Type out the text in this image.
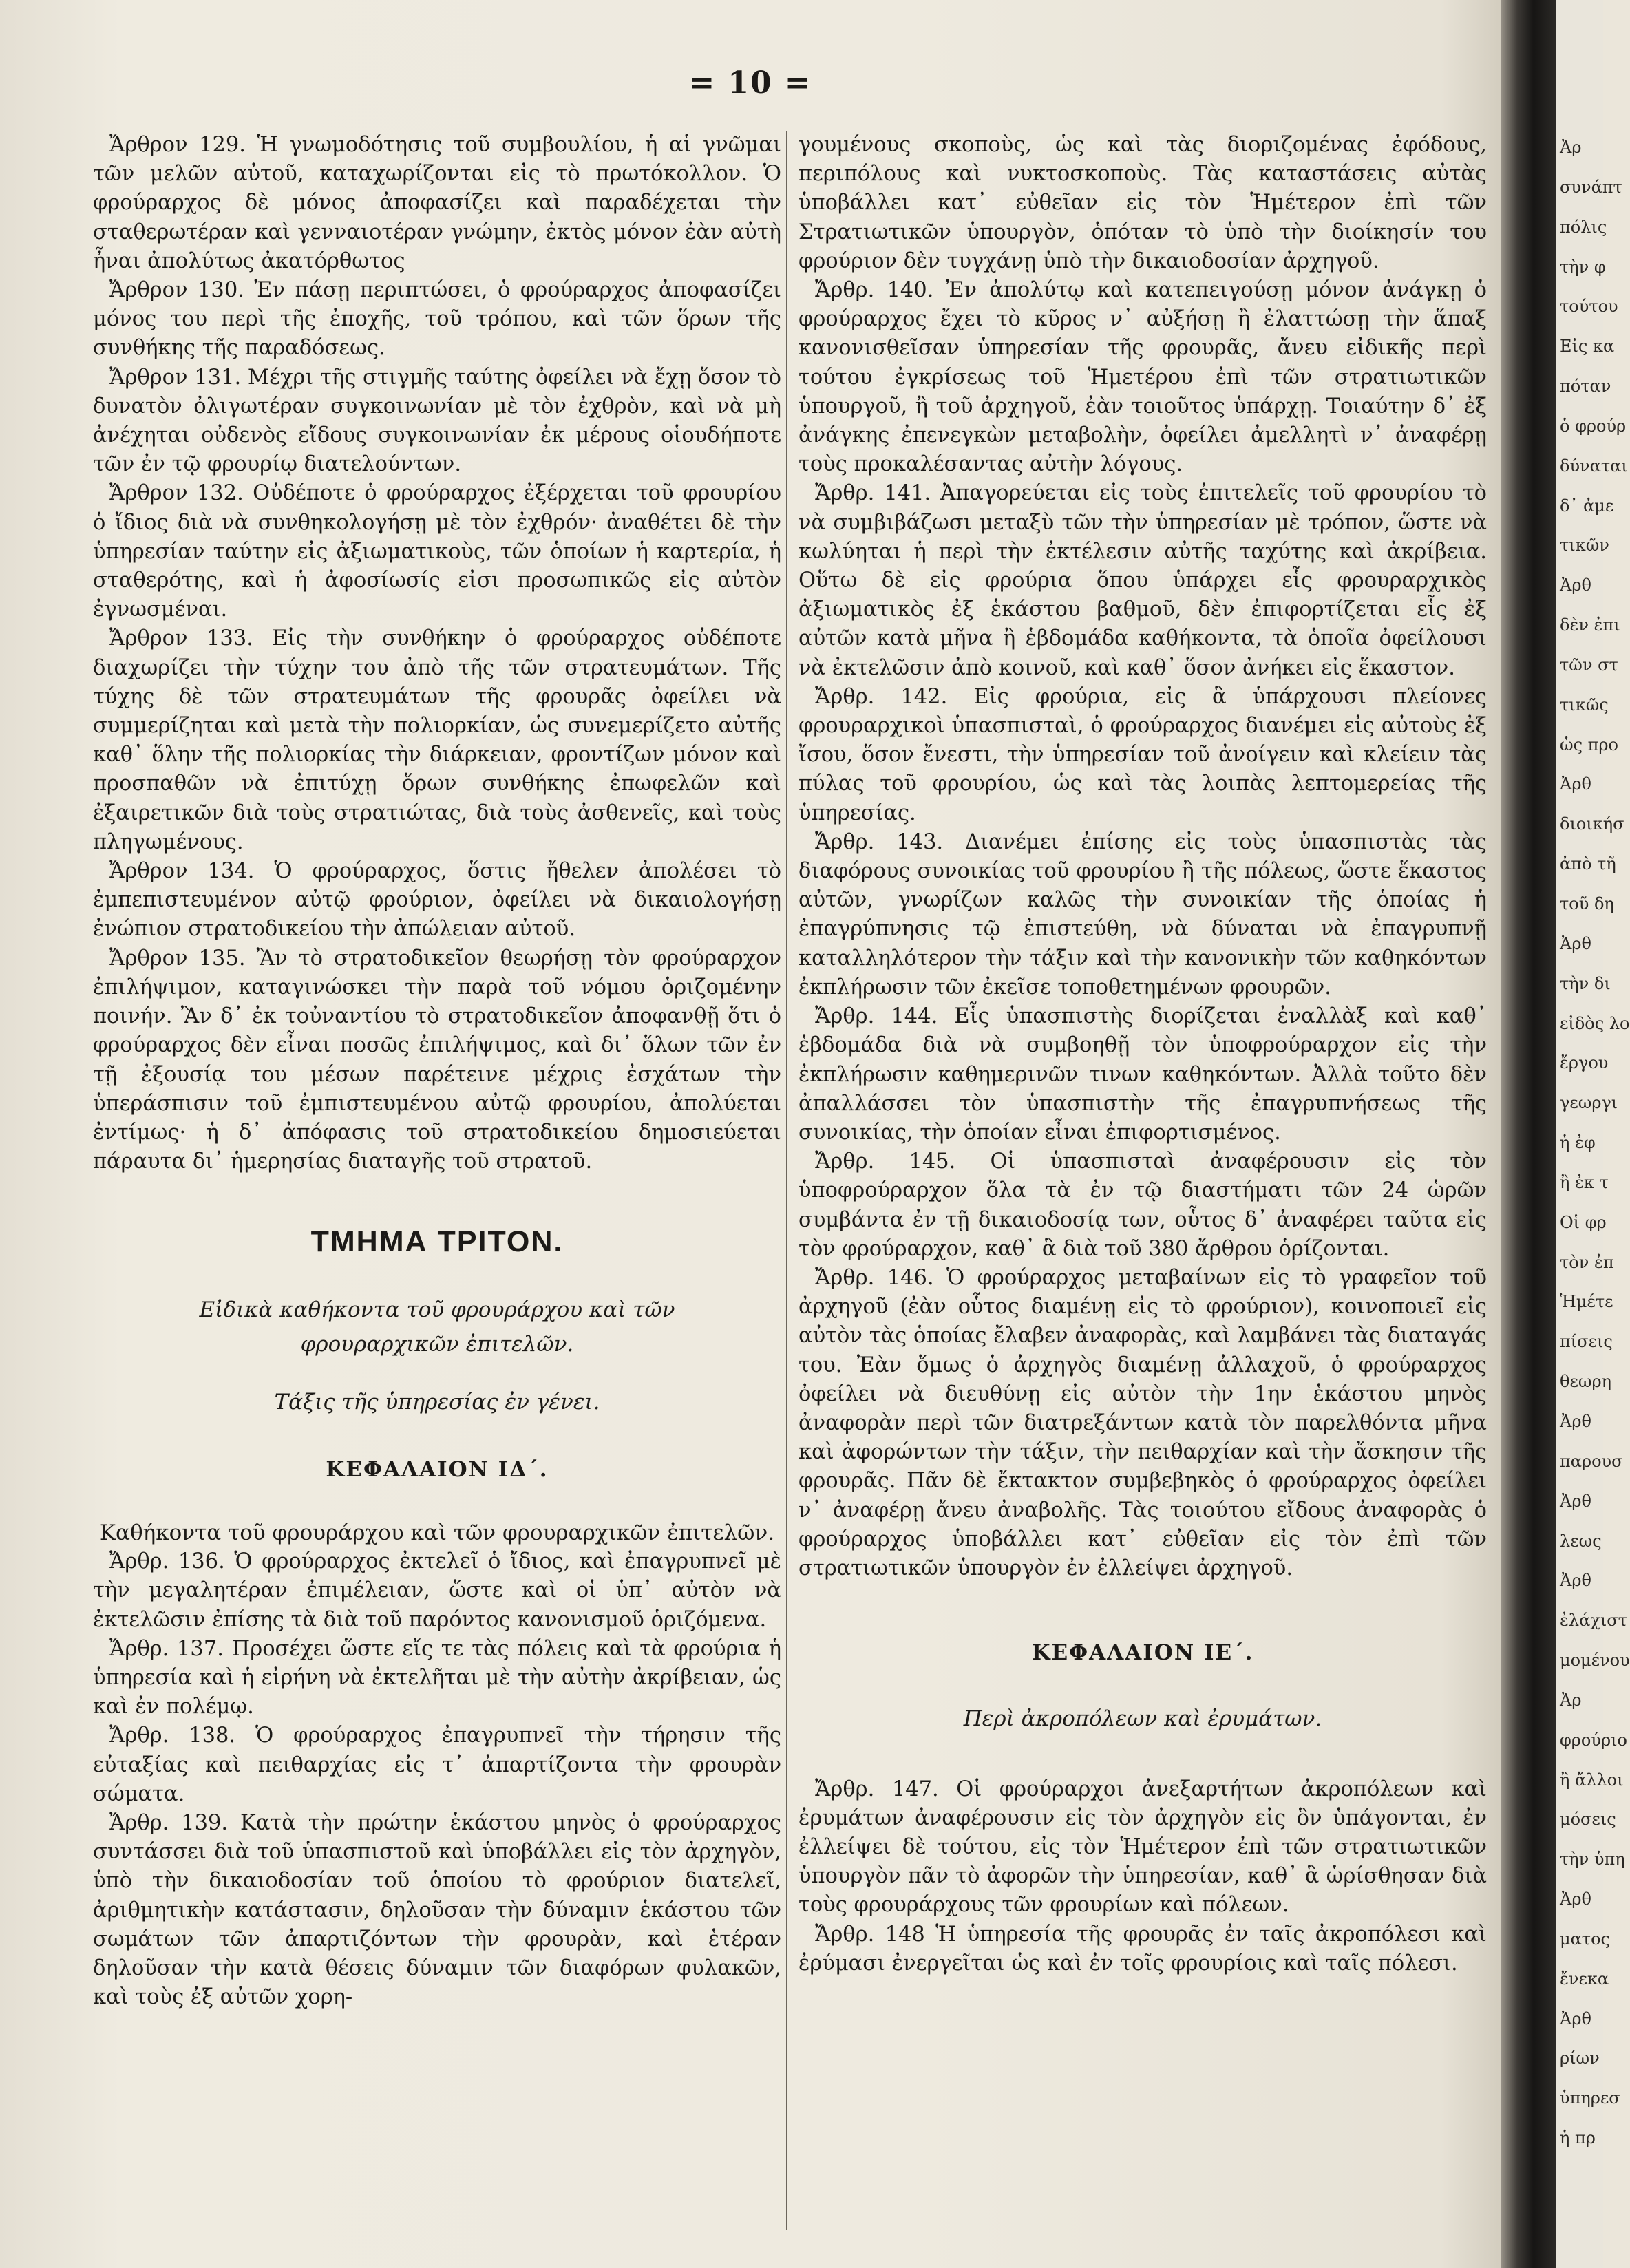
= 10 =

Ἄρθρον 129. Ἡ γνωμοδότησις τοῦ συμβουλίου, ἡ αἱ γνῶμαι τῶν μελῶν αὐτοῦ, καταχωρίζονται εἰς τὸ πρωτόκολλον. Ὁ φρούραρχος δὲ μόνος ἀποφασίζει καὶ παραδέχεται τὴν σταθερωτέραν καὶ γενναιοτέραν γνώμην, ἐκτὸς μόνον ἐὰν αὐτὴ ἦναι ἀπολύτως ἀκατόρθωτος

Ἄρθρον 130. Ἐν πάσῃ περιπτώσει, ὁ φρούραρχος ἀποφασίζει μόνος του περὶ τῆς ἐποχῆς, τοῦ τρόπου, καὶ τῶν ὅρων τῆς συνθήκης τῆς παραδόσεως.

Ἄρθρον 131. Μέχρι τῆς στιγμῆς ταύτης ὀφείλει νὰ ἔχῃ ὅσον τὸ δυνατὸν ὀλιγωτέραν συγκοινωνίαν μὲ τὸν ἐχθρὸν, καὶ νὰ μὴ ἀνέχηται οὐδενὸς εἴδους συγκοινωνίαν ἐκ μέρους οἱουδήποτε τῶν ἐν τῷ φρουρίῳ διατελούντων.

Ἄρθρον 132. Οὐδέποτε ὁ φρούραρχος ἐξέρχεται τοῦ φρουρίου ὁ ἴδιος διὰ νὰ συνθηκολογήσῃ μὲ τὸν ἐχθρόν· ἀναθέτει δὲ τὴν ὑπηρεσίαν ταύτην εἰς ἀξιωματικοὺς, τῶν ὁποίων ἡ καρτερία, ἡ σταθερότης, καὶ ἡ ἀφοσίωσίς εἰσι προσωπικῶς εἰς αὐτὸν ἐγνωσμέναι.

Ἄρθρον 133. Εἰς τὴν συνθήκην ὁ φρούραρχος οὐδέποτε διαχωρίζει τὴν τύχην του ἀπὸ τῆς τῶν στρατευμάτων. Τῆς τύχης δὲ τῶν στρατευμάτων τῆς φρουρᾶς ὀφείλει νὰ συμμερίζηται καὶ μετὰ τὴν πολιορκίαν, ὡς συνεμερίζετο αὐτῆς καθ᾽ ὅλην τῆς πολιορκίας τὴν διάρκειαν, φροντίζων μόνον καὶ προσπαθῶν νὰ ἐπιτύχῃ ὅρων συνθήκης ἐπωφελῶν καὶ ἐξαιρετικῶν διὰ τοὺς στρατιώτας, διὰ τοὺς ἀσθενεῖς, καὶ τοὺς πληγωμένους.

Ἄρθρον 134. Ὁ φρούραρχος, ὅστις ἤθελεν ἀπολέσει τὸ ἐμπεπιστευμένον αὐτῷ φρούριον, ὀφείλει νὰ δικαιολογήσῃ ἐνώπιον στρατοδικείου τὴν ἀπώλειαν αὐτοῦ.

Ἄρθρον 135. Ἂν τὸ στρατοδικεῖον θεωρήσῃ τὸν φρούραρχον ἐπιλήψιμον, καταγινώσκει τὴν παρὰ τοῦ νόμου ὁριζομένην ποινήν. Ἂν δ᾽ ἐκ τοὐναντίου τὸ στρατοδικεῖον ἀποφανθῇ ὅτι ὁ φρούραρχος δὲν εἶναι ποσῶς ἐπιλήψιμος, καὶ δι᾽ ὅλων τῶν ἐν τῇ ἐξουσίᾳ του μέσων παρέτεινε μέχρις ἐσχάτων τὴν ὑπεράσπισιν τοῦ ἐμπιστευμένου αὐτῷ φρουρίου, ἀπολύεται ἐντίμως· ἡ δ᾽ ἀπόφασις τοῦ στρατοδικείου δημοσιεύεται πάραυτα δι᾽ ἡμερησίας διαταγῆς τοῦ στρατοῦ.

ΤΜΗΜΑ ΤΡΙΤΟΝ.
Εἰδικὰ καθήκοντα τοῦ φρουράρχου καὶ τῶν φρουραρχικῶν ἐπιτελῶν.
Τάξις τῆς ὑπηρεσίας ἐν γένει.
ΚΕΦΑΛΑΙΟΝ ΙΔ΄.
Καθήκοντα τοῦ φρουράρχου καὶ τῶν φρουραρχικῶν ἐπιτελῶν.

Ἄρθρ. 136. Ὁ φρούραρχος ἐκτελεῖ ὁ ἴδιος, καὶ ἐπαγρυπνεῖ μὲ τὴν μεγαλητέραν ἐπιμέλειαν, ὥστε καὶ οἱ ὑπ᾽ αὐτὸν νὰ ἐκτελῶσιν ἐπίσης τὰ διὰ τοῦ παρόντος κανονισμοῦ ὁριζόμενα.

Ἄρθρ. 137. Προσέχει ὥστε εἴς τε τὰς πόλεις καὶ τὰ φρούρια ἡ ὑπηρεσία καὶ ἡ εἰρήνη νὰ ἐκτελῆται μὲ τὴν αὐτὴν ἀκρίβειαν, ὡς καὶ ἐν πολέμῳ.

Ἄρθρ. 138. Ὁ φρούραρχος ἐπαγρυπνεῖ τὴν τήρησιν τῆς εὐταξίας καὶ πειθαρχίας εἰς τ᾽ ἀπαρτίζοντα τὴν φρουρὰν σώματα.

Ἄρθρ. 139. Κατὰ τὴν πρώτην ἑκάστου μηνὸς ὁ φρούραρχος συντάσσει διὰ τοῦ ὑπασπιστοῦ καὶ ὑποβάλλει εἰς τὸν ἀρχηγὸν, ὑπὸ τὴν δικαιοδοσίαν τοῦ ὁποίου τὸ φρούριον διατελεῖ, ἀριθμητικὴν κατάστασιν, δηλοῦσαν τὴν δύναμιν ἑκάστου τῶν σωμάτων τῶν ἀπαρτιζόντων τὴν φρουρὰν, καὶ ἑτέραν δηλοῦσαν τὴν κατὰ θέσεις δύναμιν τῶν διαφόρων φυλακῶν, καὶ τοὺς ἐξ αὐτῶν χορη-

γουμένους σκοποὺς, ὡς καὶ τὰς διοριζομένας ἐφόδους, περιπόλους καὶ νυκτοσκοποὺς. Τὰς καταστάσεις αὐτὰς ὑποβάλλει κατ᾽ εὐθεῖαν εἰς τὸν Ἡμέτερον ἐπὶ τῶν Στρατιωτικῶν ὑπουργὸν, ὁπόταν τὸ ὑπὸ τὴν διοίκησίν του φρούριον δὲν τυγχάνῃ ὑπὸ τὴν δικαιοδοσίαν ἀρχηγοῦ.

Ἄρθρ. 140. Ἐν ἀπολύτῳ καὶ κατεπειγούσῃ μόνον ἀνάγκῃ ὁ φρούραρχος ἔχει τὸ κῦρος ν᾽ αὐξήσῃ ἢ ἐλαττώσῃ τὴν ἅπαξ κανονισθεῖσαν ὑπηρεσίαν τῆς φρουρᾶς, ἄνευ εἰδικῆς περὶ τούτου ἐγκρίσεως τοῦ Ἡμετέρου ἐπὶ τῶν στρατιωτικῶν ὑπουργοῦ, ἢ τοῦ ἀρχηγοῦ, ἐὰν τοιοῦτος ὑπάρχῃ. Τοιαύτην δ᾽ ἐξ ἀνάγκης ἐπενεγκὼν μεταβολὴν, ὀφείλει ἀμελλητὶ ν᾽ ἀναφέρῃ τοὺς προκαλέσαντας αὐτὴν λόγους.

Ἄρθρ. 141. Ἀπαγορεύεται εἰς τοὺς ἐπιτελεῖς τοῦ φρουρίου τὸ νὰ συμβιβάζωσι μεταξὺ τῶν τὴν ὑπηρεσίαν μὲ τρόπον, ὥστε νὰ κωλύηται ἡ περὶ τὴν ἐκτέλεσιν αὐτῆς ταχύτης καὶ ἀκρίβεια. Οὕτω δὲ εἰς φρούρια ὅπου ὑπάρχει εἷς φρουραρχικὸς ἀξιωματικὸς ἐξ ἑκάστου βαθμοῦ, δὲν ἐπιφορτίζεται εἷς ἐξ αὐτῶν κατὰ μῆνα ἢ ἑβδομάδα καθήκοντα, τὰ ὁποῖα ὀφείλουσι νὰ ἐκτελῶσιν ἀπὸ κοινοῦ, καὶ καθ᾽ ὅσον ἀνήκει εἰς ἕκαστον.

Ἄρθρ. 142. Εἰς φρούρια, εἰς ἃ ὑπάρχουσι πλείονες φρουραρχικοὶ ὑπασπισταὶ, ὁ φρούραρχος διανέμει εἰς αὐτοὺς ἐξ ἴσου, ὅσον ἔνεστι, τὴν ὑπηρεσίαν τοῦ ἀνοίγειν καὶ κλείειν τὰς πύλας τοῦ φρουρίου, ὡς καὶ τὰς λοιπὰς λεπτομερείας τῆς ὑπηρεσίας.

Ἄρθρ. 143. Διανέμει ἐπίσης εἰς τοὺς ὑπασπιστὰς τὰς διαφόρους συνοικίας τοῦ φρουρίου ἢ τῆς πόλεως, ὥστε ἕκαστος αὐτῶν, γνωρίζων καλῶς τὴν συνοικίαν τῆς ὁποίας ἡ ἐπαγρύπνησις τῷ ἐπιστεύθη, νὰ δύναται νὰ ἐπαγρυπνῇ καταλληλότερον τὴν τάξιν καὶ τὴν κανονικὴν τῶν καθηκόντων ἐκπλήρωσιν τῶν ἐκεῖσε τοποθετημένων φρουρῶν.

Ἄρθρ. 144. Εἷς ὑπασπιστὴς διορίζεται ἐναλλὰξ καὶ καθ᾽ ἑβδομάδα διὰ νὰ συμβοηθῇ τὸν ὑποφρούραρχον εἰς τὴν ἐκπλήρωσιν καθημερινῶν τινων καθηκόντων. Ἀλλὰ τοῦτο δὲν ἀπαλλάσσει τὸν ὑπασπιστὴν τῆς ἐπαγρυπνήσεως τῆς συνοικίας, τὴν ὁποίαν εἶναι ἐπιφορτισμένος.

Ἄρθρ. 145. Οἱ ὑπασπισταὶ ἀναφέρουσιν εἰς τὸν ὑποφρούραρχον ὅλα τὰ ἐν τῷ διαστήματι τῶν 24 ὡρῶν συμβάντα ἐν τῇ δικαιοδοσίᾳ των, οὗτος δ᾽ ἀναφέρει ταῦτα εἰς τὸν φρούραρχον, καθ᾽ ἃ διὰ τοῦ 380 ἄρθρου ὁρίζονται.

Ἄρθρ. 146. Ὁ φρούραρχος μεταβαίνων εἰς τὸ γραφεῖον τοῦ ἀρχηγοῦ (ἐὰν οὗτος διαμένῃ εἰς τὸ φρούριον), κοινοποιεῖ εἰς αὐτὸν τὰς ὁποίας ἔλαβεν ἀναφορὰς, καὶ λαμβάνει τὰς διαταγάς του. Ἐὰν ὅμως ὁ ἀρχηγὸς διαμένῃ ἀλλαχοῦ, ὁ φρούραρχος ὀφείλει νὰ διευθύνῃ εἰς αὐτὸν τὴν 1ην ἑκάστου μηνὸς ἀναφορὰν περὶ τῶν διατρεξάντων κατὰ τὸν παρελθόντα μῆνα καὶ ἀφορώντων τὴν τάξιν, τὴν πειθαρχίαν καὶ τὴν ἄσκησιν τῆς φρουρᾶς. Πᾶν δὲ ἔκτακτον συμβεβηκὸς ὁ φρούραρχος ὀφείλει ν᾽ ἀναφέρῃ ἄνευ ἀναβολῆς. Τὰς τοιούτου εἴδους ἀναφορὰς ὁ φρούραρχος ὑποβάλλει κατ᾽ εὐθεῖαν εἰς τὸν ἐπὶ τῶν στρατιωτικῶν ὑπουργὸν ἐν ἐλλείψει ἀρχηγοῦ.

ΚΕΦΑΛΑΙΟΝ ΙΕ΄.
Περὶ ἀκροπόλεων καὶ ἐρυμάτων.

Ἄρθρ. 147. Οἱ φρούραρχοι ἀνεξαρτήτων ἀκροπόλεων καὶ ἐρυμάτων ἀναφέρουσιν εἰς τὸν ἀρχηγὸν εἰς ὃν ὑπάγονται, ἐν ἐλλείψει δὲ τούτου, εἰς τὸν Ἡμέτερον ἐπὶ τῶν στρατιωτικῶν ὑπουργὸν πᾶν τὸ ἀφορῶν τὴν ὑπηρεσίαν, καθ᾽ ἃ ὡρίσθησαν διὰ τοὺς φρουράρχους τῶν φρουρίων καὶ πόλεων.

Ἄρθρ. 148 Ἡ ὑπηρεσία τῆς φρουρᾶς ἐν ταῖς ἀκροπόλεσι καὶ ἐρύμασι ἐνεργεῖται ὡς καὶ ἐν τοῖς φρουρίοις καὶ ταῖς πόλεσι.

Ἀρ
συνάπτ
πόλις
τὴν φ
τούτου
Εἰς κα
πόταν
ὁ φρούρ
δύναται
δ᾽ ἀμε
τικῶν
Ἀρθ
δὲν ἐπι
τῶν στ
τικῶς
ὡς προ
Ἀρθ
διοικήσ
ἀπὸ τῆ
τοῦ δη
Ἀρθ
τὴν δι
εἰδὸς λο
ἔργου
γεωργι
ἡ ἐφ
ἢ ἐκ τ
Οἱ φρ
τὸν ἐπ
Ἡμέτε
πίσεις
θεωρη
Ἀρθ
παρουσ
Ἀρθ
λεως
Ἀρθ
ἐλάχιστ
μομένου
Ἀρ
φρούριο
ἢ ἄλλοι
μόσεις
τὴν ὑπη
Ἀρθ
ματος
ἔνεκα
Ἀρθ
ρίων
ὑπηρεσ
ἡ πρ
